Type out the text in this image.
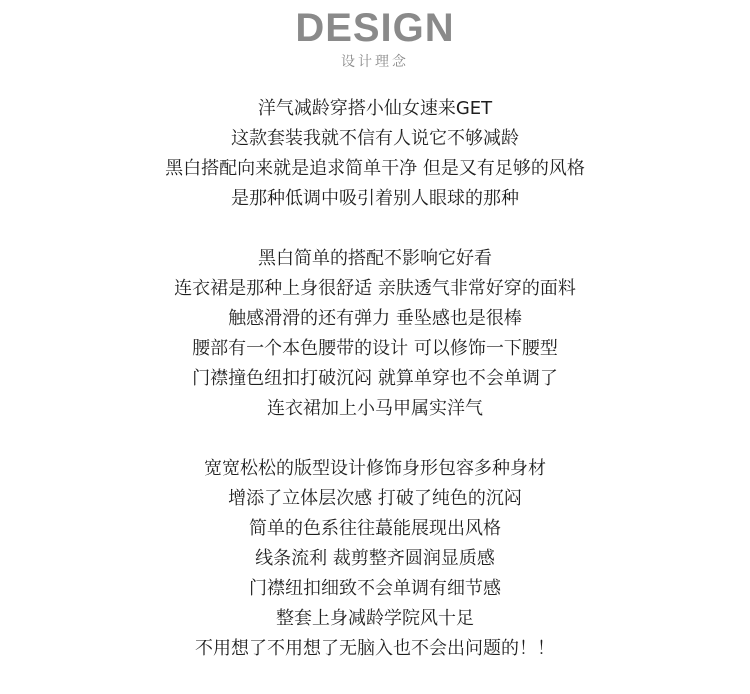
DESIGN
设计理念
洋气减龄穿搭小仙女速来GET
这款套装我就不信有人说它不够减龄
黑白搭配向来就是追求简单干净 但是又有足够的风格
是那种低调中吸引着别人眼球的那种
黑白简单的搭配不影响它好看
连衣裙是那种上身很舒适 亲肤透气非常好穿的面料
触感滑滑的还有弹力 垂坠感也是很棒
腰部有一个本色腰带的设计 可以修饰一下腰型
门襟撞色纽扣打破沉闷 就算单穿也不会单调了
连衣裙加上小马甲属实洋气
宽宽松松的版型设计修饰身形包容多种身材
增添了立体层次感 打破了纯色的沉闷
简单的色系往往蕞能展现出风格
线条流利 裁剪整齐圆润显质感
门襟纽扣细致不会单调有细节感
整套上身减龄学院风十足
不用想了不用想了无脑入也不会出问题的！！
